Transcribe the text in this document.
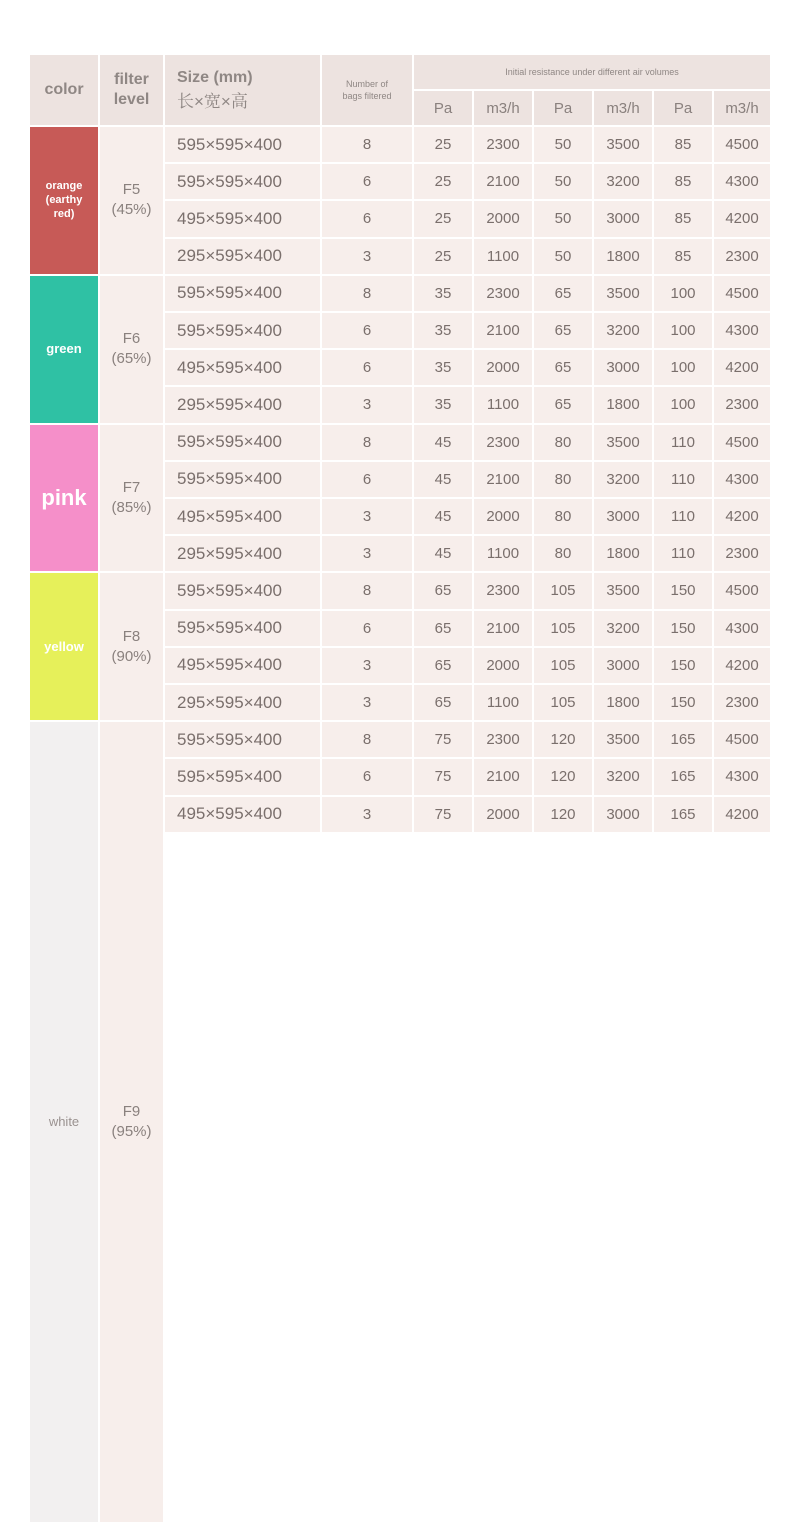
color
filter level
Size (mm)
长×宽×高
Number of bags filtered
Initial resistance under different air volumes
Pa	m3/h	Pa	m3/h	Pa	m3/h
orange
(earthy
red)
F5
(45%)
595×595×400	8	25	2300	50	3500	85	4500
595×595×400	6	25	2100	50	3200	85	4300
495×595×400	6	25	2000	50	3000	85	4200
295×595×400	3	25	1100	50	1800	85	2300
green
F6
(65%)
595×595×400	8	35	2300	65	3500	100	4500
595×595×400	6	35	2100	65	3200	100	4300
495×595×400	6	35	2000	65	3000	100	4200
295×595×400	3	35	1100	65	1800	100	2300
pink F7
(85%)
595×595×400	8	45	2300	80	3500	110	4500
595×595×400	6	45	2100	80	3200	110	4300
495×595×400	3	45	2000	80	3000	110	4200
295×595×400	3	45	1100	80	1800	110	2300
yellow
F8
(90%)
595×595×400	8	65	2300	105	3500	150	4500
595×595×400	6	65	2100	105	3200	150	4300
495×595×400	3	65	2000	105	3000	150	4200
295×595×400	3	65	1100	105	1800	150	2300
white
F9
(95%)
595×595×400	8	75	2300	120	3500	165	4500
595×595×400	6	75	2100	120	3200	165	4300
495×595×400	3	75	2000	120	3000	165	4200
